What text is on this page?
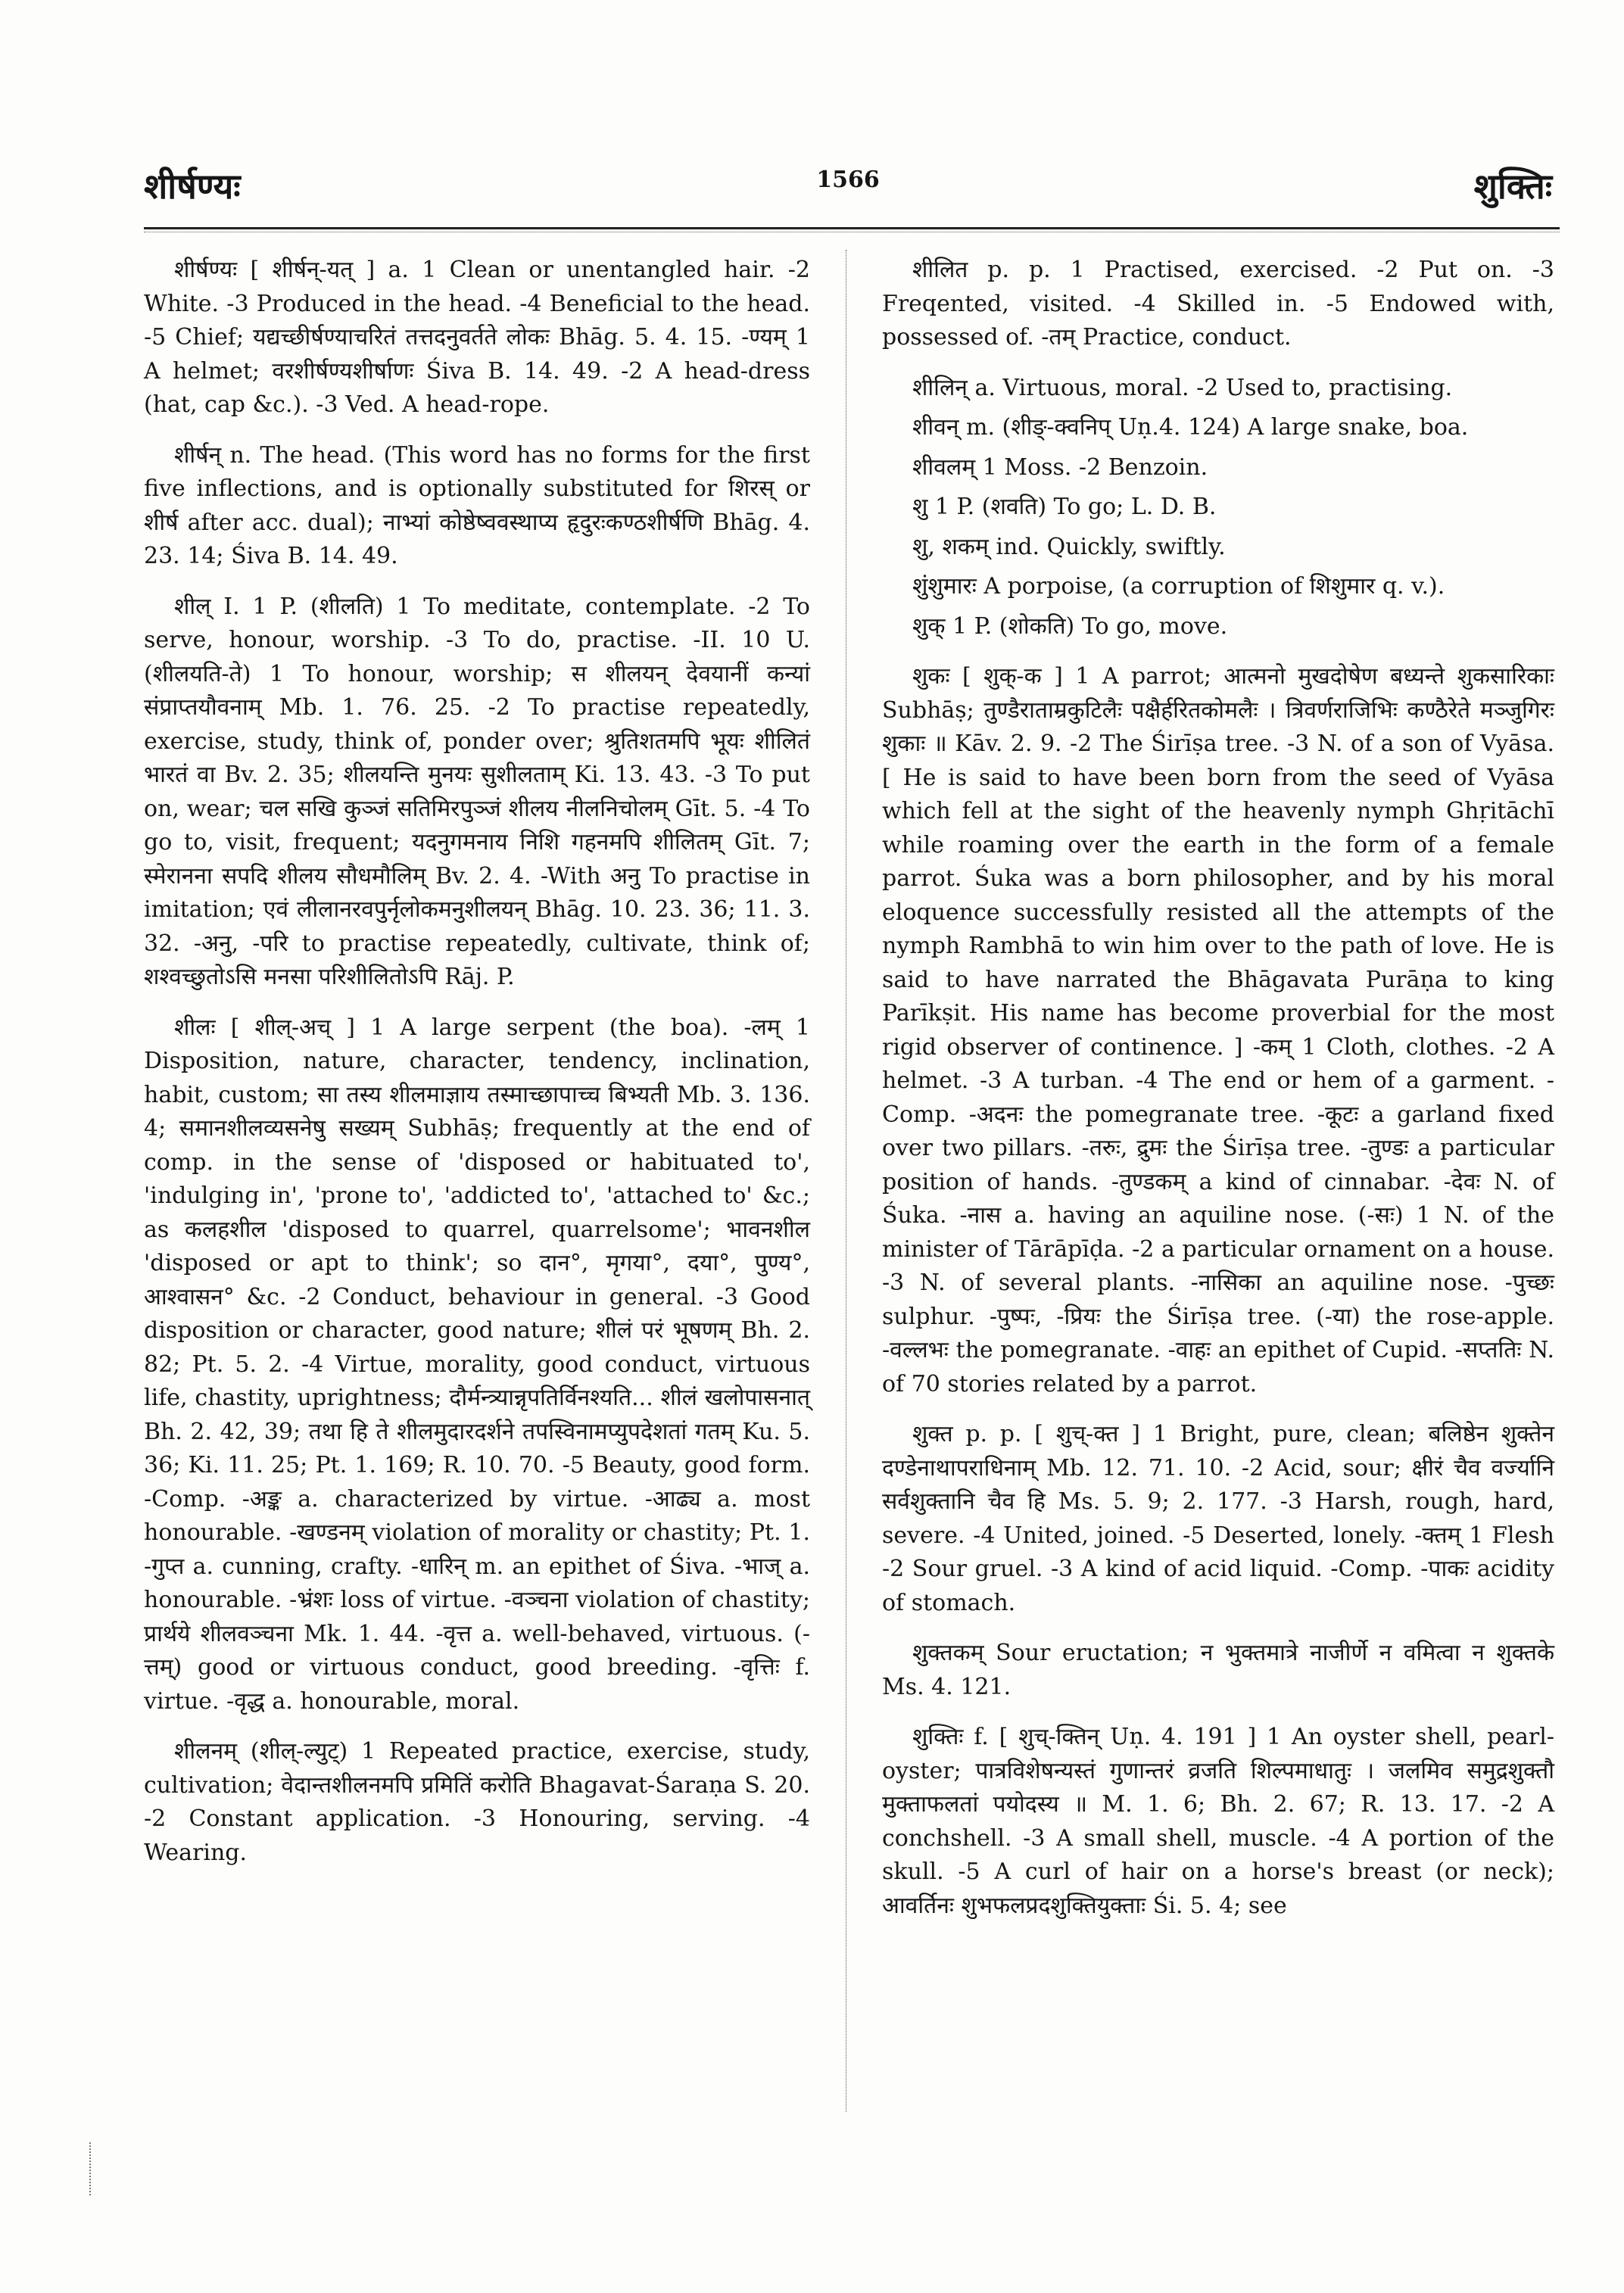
शीर्षण्यः	1566	शुक्तिः

शीर्षण्यः [ शीर्षन्-यत् ] a. 1 Clean or unentangled hair. -2 White. -3 Produced in the head. -4 Beneficial to the head. -5 Chief; यद्यच्छीर्षण्याचरितं तत्तदनुवर्तते लोकः Bhāg. 5. 4. 15. -ण्यम् 1 A helmet; वरशीर्षण्यशीर्षाणः Śiva B. 14. 49. -2 A head-dress (hat, cap &c.). -3 Ved. A head-rope.

शीर्षन् n. The head. (This word has no forms for the first five inflections, and is optionally substituted for शिरस् or शीर्ष after acc. dual); नाभ्यां कोष्ठेष्ववस्थाप्य हृदुरःकण्ठशीर्षणि Bhāg. 4. 23. 14; Śiva B. 14. 49.

शील् I. 1 P. (शीलति) 1 To meditate, contemplate. -2 To serve, honour, worship. -3 To do, practise. -II. 10 U. (शीलयति-ते) 1 To honour, worship; स शीलयन् देवयानीं कन्यां संप्राप्तयौवनाम् Mb. 1. 76. 25. -2 To practise repeatedly, exercise, study, think of, ponder over; श्रुतिशतमपि भूयः शीलितं भारतं वा Bv. 2. 35; शीलयन्ति मुनयः सुशीलताम् Ki. 13. 43. -3 To put on, wear; चल सखि कुञ्जं सतिमिरपुञ्जं शीलय नीलनिचोलम् Gīt. 5. -4 To go to, visit, frequent; यदनुगमनाय निशि गहनमपि शीलितम् Gīt. 7; स्मेरानना सपदि शीलय सौधमौलिम् Bv. 2. 4. -With अनु To practise in imitation; एवं लीलानरवपुर्नृलोकमनुशीलयन् Bhāg. 10. 23. 36; 11. 3. 32. -अनु, -परि to practise repeatedly, cultivate, think of; शश्वच्छुतोऽसि मनसा परिशीलितोऽपि Rāj. P.

शीलः [ शील्-अच् ] 1 A large serpent (the boa). -लम् 1 Disposition, nature, character, tendency, inclination, habit, custom; सा तस्य शीलमाज्ञाय तस्माच्छापाच्च बिभ्यती Mb. 3. 136. 4; समानशीलव्यसनेषु सख्यम् Subhāṣ; frequently at the end of comp. in the sense of 'disposed or habituated to', 'indulging in', 'prone to', 'addicted to', 'attached to' &c.; as कलहशील 'disposed to quarrel, quarrelsome'; भावनशील 'disposed or apt to think'; so दान°, मृगया°, दया°, पुण्य°, आश्वासन° &c. -2 Conduct, behaviour in general. -3 Good disposition or character, good nature; शीलं परं भूषणम् Bh. 2. 82; Pt. 5. 2. -4 Virtue, morality, good conduct, virtuous life, chastity, uprightness; दौर्मन्त्र्यान्नृपतिर्विनश्यति... शीलं खलोपासनात् Bh. 2. 42, 39; तथा हि ते शीलमुदारदर्शने तपस्विनामप्युपदेशतां गतम् Ku. 5. 36; Ki. 11. 25; Pt. 1. 169; R. 10. 70. -5 Beauty, good form. -Comp. -अङ्क a. characterized by virtue. -आढ्य a. most honourable. -खण्डनम् violation of morality or chastity; Pt. 1. -गुप्त a. cunning, crafty. -धारिन् m. an epithet of Śiva. -भाज् a. honourable. -भ्रंशः loss of virtue. -वञ्चना violation of chastity; प्रार्थये शीलवञ्चना Mk. 1. 44. -वृत्त a. well-behaved, virtuous. (-त्तम्) good or virtuous conduct, good breeding. -वृत्तिः f. virtue. -वृद्ध a. honourable, moral.

शीलनम् (शील्-ल्युट्) 1 Repeated practice, exercise, study, cultivation; वेदान्तशीलनमपि प्रमितिं करोति Bhagavat-Śaraṇa S. 20. -2 Constant application. -3 Honouring, serving. -4 Wearing.

शीलित p. p. 1 Practised, exercised. -2 Put on. -3 Freqented, visited. -4 Skilled in. -5 Endowed with, possessed of. -तम् Practice, conduct.

शीलिन् a. Virtuous, moral. -2 Used to, practising.

शीवन् m. (शीङ्-क्वनिप् Uṇ.4. 124) A large snake, boa.

शीवलम् 1 Moss. -2 Benzoin.

शु 1 P. (शवति) To go; L. D. B.

शु, शकम् ind. Quickly, swiftly.

शुंशुमारः A porpoise, (a corruption of शिशुमार q. v.).

शुक् 1 P. (शोकति) To go, move.

शुकः [ शुक्-क ] 1 A parrot; आत्मनो मुखदोषेण बध्यन्ते शुकसारिकाः Subhāṣ; तुण्डैराताम्रकुटिलैः पक्षैर्हरितकोमलैः । त्रिवर्णराजिभिः कण्ठैरेते मञ्जुगिरः शुकाः ॥ Kāv. 2. 9. -2 The Śirīṣa tree. -3 N. of a son of Vyāsa. [ He is said to have been born from the seed of Vyāsa which fell at the sight of the heavenly nymph Ghṛitāchī while roaming over the earth in the form of a female parrot. Śuka was a born philosopher, and by his moral eloquence successfully resisted all the attempts of the nymph Rambhā to win him over to the path of love. He is said to have narrated the Bhāgavata Purāṇa to king Parīkṣit. His name has become proverbial for the most rigid observer of continence. ] -कम् 1 Cloth, clothes. -2 A helmet. -3 A turban. -4 The end or hem of a garment. -Comp. -अदनः the pomegranate tree. -कूटः a garland fixed over two pillars. -तरुः, द्रुमः the Śirīṣa tree. -तुण्डः a particular position of hands. -तुण्डकम् a kind of cinnabar. -देवः N. of Śuka. -नास a. having an aquiline nose. (-सः) 1 N. of the minister of Tārāpīḍa. -2 a particular ornament on a house. -3 N. of several plants. -नासिका an aquiline nose. -पुच्छः sulphur. -पुष्पः, -प्रियः the Śirīṣa tree. (-या) the rose-apple. -वल्लभः the pomegranate. -वाहः an epithet of Cupid. -सप्ततिः N. of 70 stories related by a parrot.

शुक्त p. p. [ शुच्-क्त ] 1 Bright, pure, clean; बलिष्ठेन शुक्तेन दण्डेनाथापराधिनाम् Mb. 12. 71. 10. -2 Acid, sour; क्षीरं चैव वर्ज्यानि सर्वशुक्तानि चैव हि Ms. 5. 9; 2. 177. -3 Harsh, rough, hard, severe. -4 United, joined. -5 Deserted, lonely. -क्तम् 1 Flesh -2 Sour gruel. -3 A kind of acid liquid. -Comp. -पाकः acidity of stomach.

शुक्तकम् Sour eructation; न भुक्तमात्रे नाजीर्णे न वमित्वा न शुक्तके Ms. 4. 121.

शुक्तिः f. [ शुच्-क्तिन् Uṇ. 4. 191 ] 1 An oyster shell, pearl-oyster; पात्रविशेषन्यस्तं गुणान्तरं व्रजति शिल्पमाधातुः । जलमिव समुद्रशुक्तौ मुक्ताफलतां पयोदस्य ॥ M. 1. 6; Bh. 2. 67; R. 13. 17. -2 A conchshell. -3 A small shell, muscle. -4 A portion of the skull. -5 A curl of hair on a horse's breast (or neck); आवर्तिनः शुभफलप्रदशुक्तियुक्ताः Śi. 5. 4; see
